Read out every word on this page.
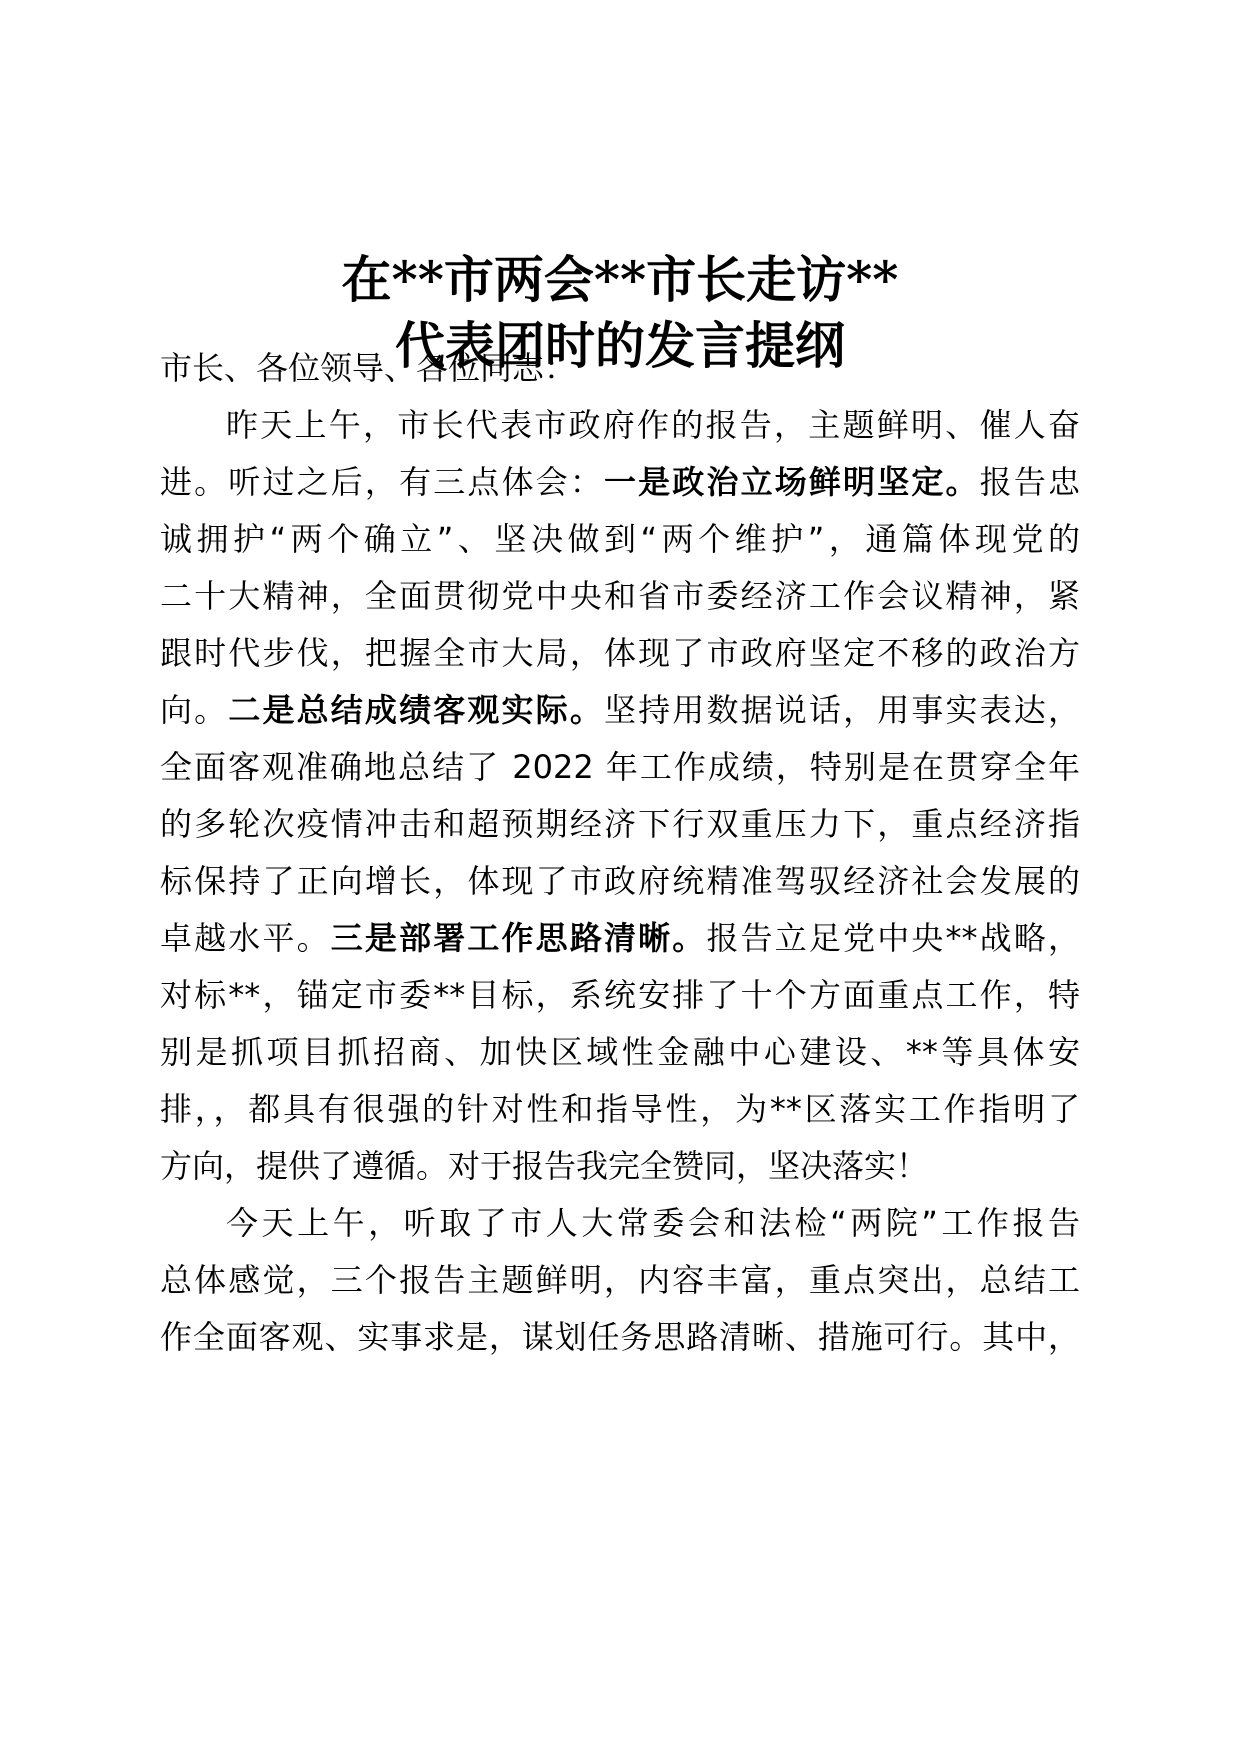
在**市两会**市长走访**
代表团时的发言提纲

市长、各位领导、各位同志：

昨天上午，市长代表市政府作的报告，主题鲜明、催人奋

进。听过之后，有三点体会：一是政治立场鲜明坚定。报告忠

诚拥护“两个确立”、坚决做到“两个维护”，通篇体现党的

二十大精神，全面贯彻党中央和省市委经济工作会议精神，紧

跟时代步伐，把握全市大局，体现了市政府坚定不移的政治方

向。二是总结成绩客观实际。坚持用数据说话，用事实表达，

全面客观准确地总结了 2022 年工作成绩，特别是在贯穿全年

的多轮次疫情冲击和超预期经济下行双重压力下，重点经济指

标保持了正向增长，体现了市政府统精准驾驭经济社会发展的

卓越水平。三是部署工作思路清晰。报告立足党中央**战略，

对标**，锚定市委**目标，系统安排了十个方面重点工作，特

别是抓项目抓招商、加快区域性金融中心建设、**等具体安

排，，都具有很强的针对性和指导性，为**区落实工作指明了

方向，提供了遵循。对于报告我完全赞同，坚决落实！

今天上午，听取了市人大常委会和法检“两院”工作报告

总体感觉，三个报告主题鲜明，内容丰富，重点突出，总结工

作全面客观、实事求是，谋划任务思路清晰、措施可行。其中，
